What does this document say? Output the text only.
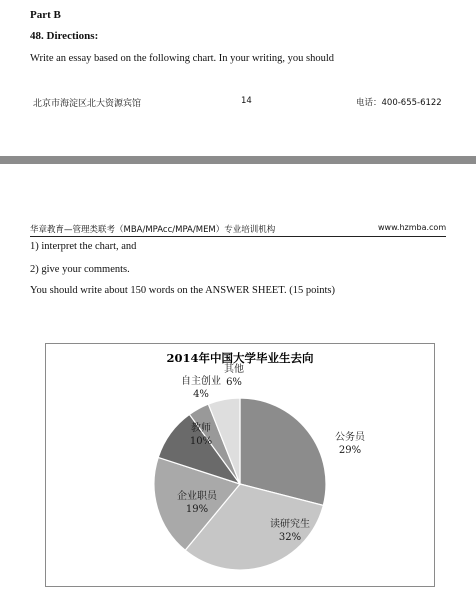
Part B
48. Directions:
Write an essay based on the following chart. In your writing, you should
北京市海淀区北大资源宾馆	14	电话：400-655-6122
华章教育—管理类联考（MBA/MPAcc/MPA/MEM）专业培训机构	www.hzmba.com
1) interpret the chart, and
2) give your comments.
You should write about 150 words on the ANSWER SHEET. (15 points)
2014年中国大学毕业生去向
公务员
29%
读研究生
32%
企业职员
19%
教师
10%
自主创业
4%
其他
6%
